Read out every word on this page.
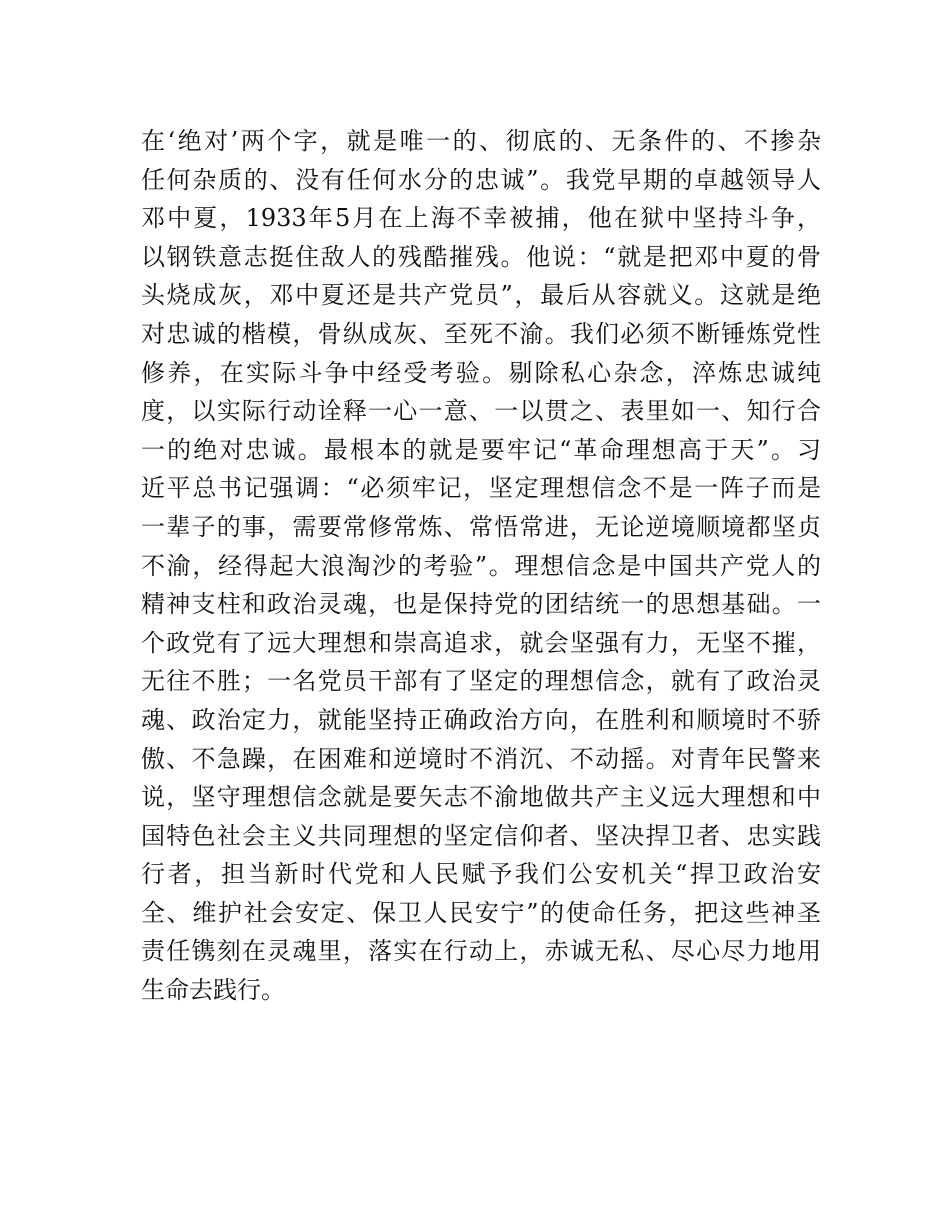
在‘绝对’两个字，就是唯一的、彻底的、无条件的、不掺杂
任何杂质的、没有任何水分的忠诚”。我党早期的卓越领导人
邓中夏，1933年5月在上海不幸被捕，他在狱中坚持斗争，
以钢铁意志挺住敌人的残酷摧残。他说：“就是把邓中夏的骨
头烧成灰，邓中夏还是共产党员”，最后从容就义。这就是绝
对忠诚的楷模，骨纵成灰、至死不渝。我们必须不断锤炼党性
修养，在实际斗争中经受考验。剔除私心杂念，淬炼忠诚纯
度，以实际行动诠释一心一意、一以贯之、表里如一、知行合
一的绝对忠诚。最根本的就是要牢记“革命理想高于天”。习
近平总书记强调：“必须牢记，坚定理想信念不是一阵子而是
一辈子的事，需要常修常炼、常悟常进，无论逆境顺境都坚贞
不渝，经得起大浪淘沙的考验”。理想信念是中国共产党人的
精神支柱和政治灵魂，也是保持党的团结统一的思想基础。一
个政党有了远大理想和崇高追求，就会坚强有力，无坚不摧，
无往不胜；一名党员干部有了坚定的理想信念，就有了政治灵
魂、政治定力，就能坚持正确政治方向，在胜利和顺境时不骄
傲、不急躁，在困难和逆境时不消沉、不动摇。对青年民警来
说，坚守理想信念就是要矢志不渝地做共产主义远大理想和中
国特色社会主义共同理想的坚定信仰者、坚决捍卫者、忠实践
行者，担当新时代党和人民赋予我们公安机关“捍卫政治安
全、维护社会安定、保卫人民安宁”的使命任务，把这些神圣
责任镌刻在灵魂里，落实在行动上，赤诚无私、尽心尽力地用
生命去践行。
